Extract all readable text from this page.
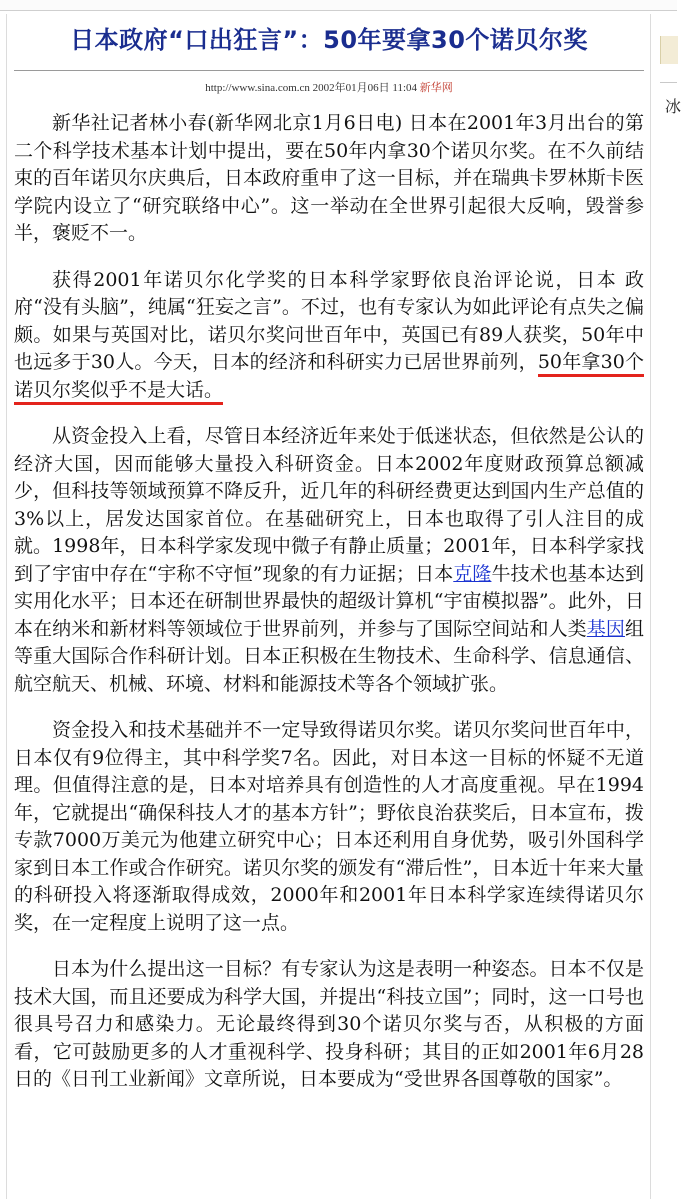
冰
日本政府“口出狂言”：50年要拿30个诺贝尔奖
http://www.sina.com.cn 2002年01月06日 11:04 新华网

新华社记者林小春(新华网北京1月6日电) 日本在2001年3月出台的第二个科学技术基本计划中提出，要在50年内拿30个诺贝尔奖。在不久前结束的百年诺贝尔庆典后，日本政府重申了这一目标，并在瑞典卡罗林斯卡医学院内设立了“研究联络中心”。这一举动在全世界引起很大反响，毁誉参半，褒贬不一。

获得2001年诺贝尔化学奖的日本科学家野依良治评论说，日本 政府“没有头脑”，纯属“狂妄之言”。不过，也有专家认为如此评论有点失之偏颇。如果与英国对比，诺贝尔奖问世百年中，英国已有89人获奖，50年中也远多于30人。今天，日本的经济和科研实力已居世界前列，50年拿30个诺贝尔奖似乎不是大话。

从资金投入上看，尽管日本经济近年来处于低迷状态，但依然是公认的经济大国，因而能够大量投入科研资金。日本2002年度财政预算总额减少，但科技等领域预算不降反升，近几年的科研经费更达到国内生产总值的3%以上，居发达国家首位。在基础研究上，日本也取得了引人注目的成就。1998年，日本科学家发现中微子有静止质量；2001年，日本科学家找到了宇宙中存在“宇称不守恒”现象的有力证据；日本克隆牛技术也基本达到实用化水平；日本还在研制世界最快的超级计算机“宇宙模拟器”。此外，日本在纳米和新材料等领域位于世界前列，并参与了国际空间站和人类基因组等重大国际合作科研计划。日本正积极在生物技术、生命科学、信息通信、航空航天、机械、环境、材料和能源技术等各个领域扩张。

资金投入和技术基础并不一定导致得诺贝尔奖。诺贝尔奖问世百年中，日本仅有9位得主，其中科学奖7名。因此，对日本这一目标的怀疑不无道理。但值得注意的是，日本对培养具有创造性的人才高度重视。早在1994年，它就提出“确保科技人才的基本方针”；野依良治获奖后，日本宣布，拨专款7000万美元为他建立研究中心；日本还利用自身优势，吸引外国科学家到日本工作或合作研究。诺贝尔奖的颁发有“滞后性”，日本近十年来大量的科研投入将逐渐取得成效，2000年和2001年日本科学家连续得诺贝尔奖，在一定程度上说明了这一点。

日本为什么提出这一目标？有专家认为这是表明一种姿态。日本不仅是技术大国，而且还要成为科学大国，并提出“科技立国”；同时，这一口号也很具号召力和感染力。无论最终得到30个诺贝尔奖与否，从积极的方面看，它可鼓励更多的人才重视科学、投身科研；其目的正如2001年6月28日的《日刊工业新闻》文章所说，日本要成为“受世界各国尊敬的国家”。
